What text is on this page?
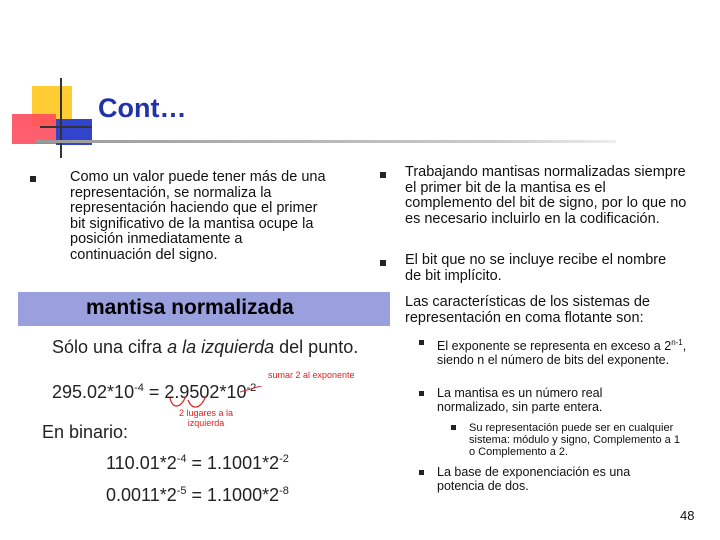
Cont…
Como un valor puede tener más de una representación, se normaliza la representación haciendo que el primer bit significativo de la mantisa ocupe la posición inmediatamente a continuación del signo.
mantisa normalizada
Sólo una cifra a la izquierda del punto.
$295.02*10^{-4} = 2.9502*10^{-2}$
sumar 2 al exponente
2 lugares a la izquierda
En binario:
$110.01*2^{-4} = 1.1001*2^{-2}$
$0.0011*2^{-5} = 1.1000*2^{-8}$
Trabajando mantisas normalizadas siempre el primer bit de la mantisa es el complemento del bit de signo, por lo que no es necesario incluirlo en la codificación.
El bit que no se incluye recibe el nombre de bit implícito.
Las características de los sistemas de representación en coma flotante son:
El exponente se representa en exceso a 2$^{n-1}$, siendo n el número de bits del exponente.
La mantisa es un número real normalizado, sin parte entera.
Su representación puede ser en cualquier sistema: módulo y signo, Complemento a 1 o Complemento a 2.
La base de exponenciación es una potencia de dos.
48
